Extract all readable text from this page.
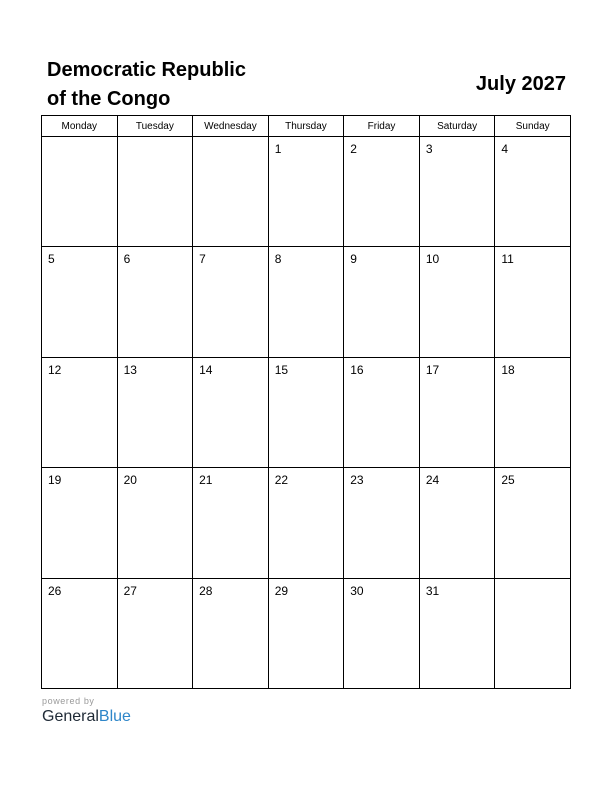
Democratic Republic
of the Congo
July 2027
Monday	Tuesday	Wednesday	Thursday	Friday	Saturday	Sunday

			1	2	3	4

5	6	7	8	9	10	11

12	13	14	15	16	17	18

19	20	21	22	23	24	25

26	27	28	29	30	31	

powered by
GeneralBlue
